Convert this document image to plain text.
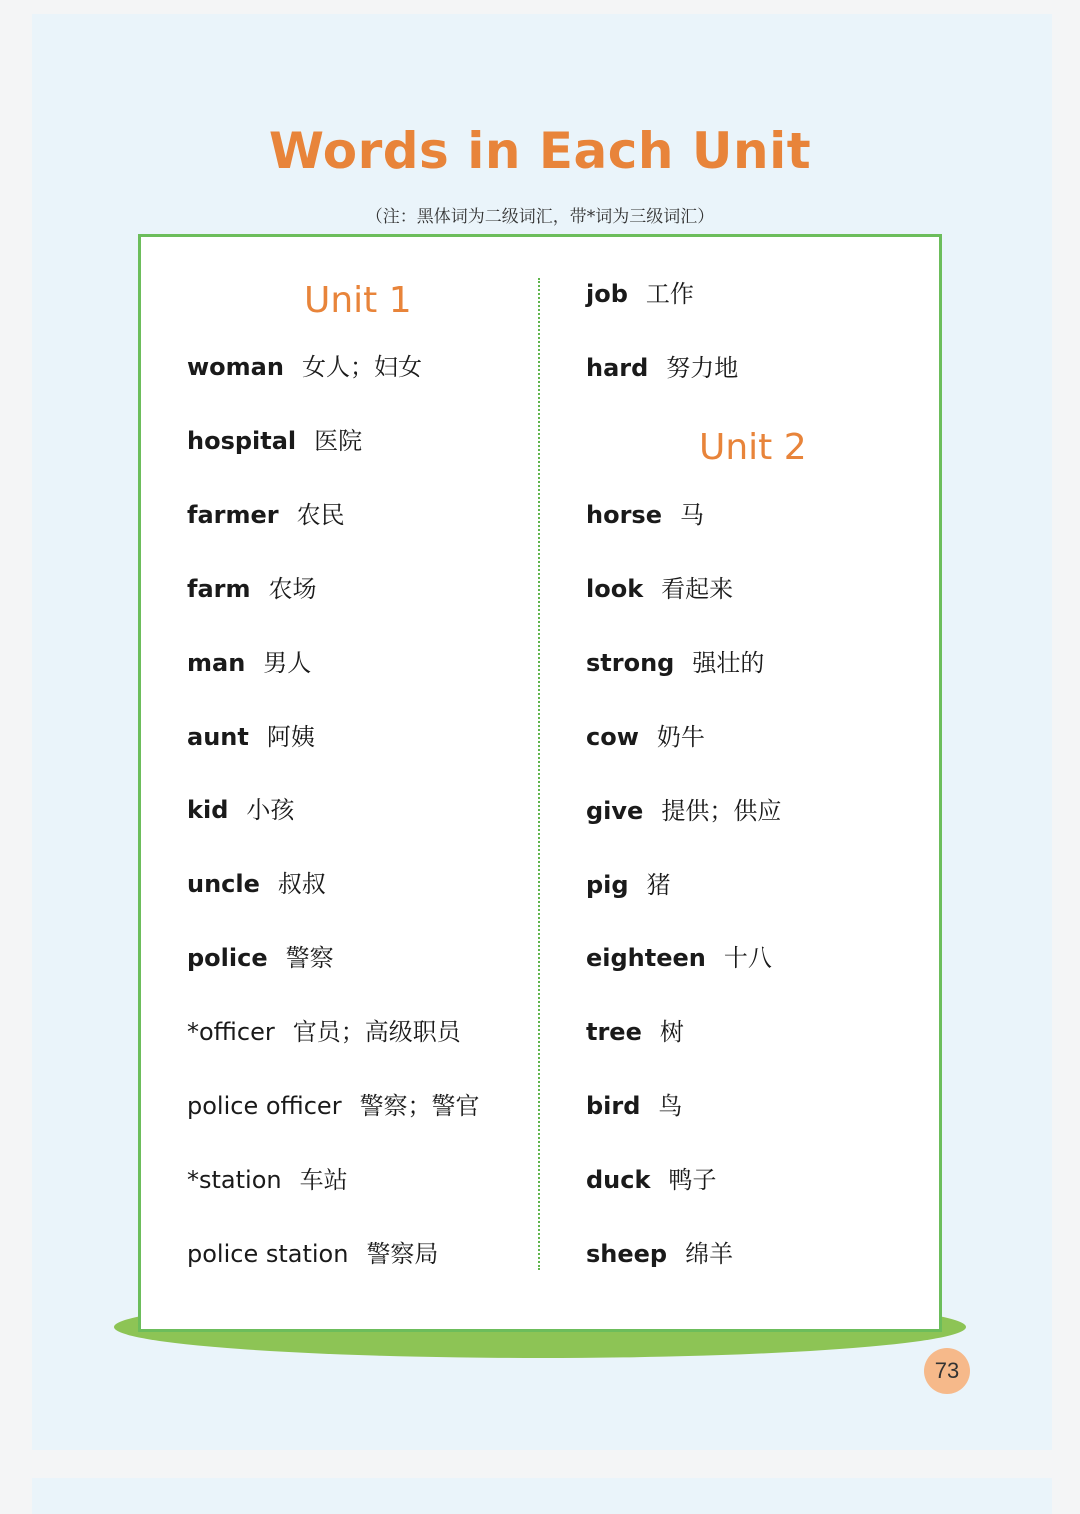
Words in Each Unit
（注：黑体词为二级词汇，带*词为三级词汇）
Unit 1
Unit 2
woman 女人；妇女
hospital 医院
farmer 农民
farm 农场
man 男人
aunt 阿姨
kid 小孩
uncle 叔叔
police 警察
*officer 官员；高级职员
police officer 警察；警官
*station 车站
police station 警察局
job 工作
hard 努力地
horse 马
look 看起来
strong 强壮的
cow 奶牛
give 提供；供应
pig 猪
eighteen 十八
tree 树
bird 鸟
duck 鸭子
sheep 绵羊
73
